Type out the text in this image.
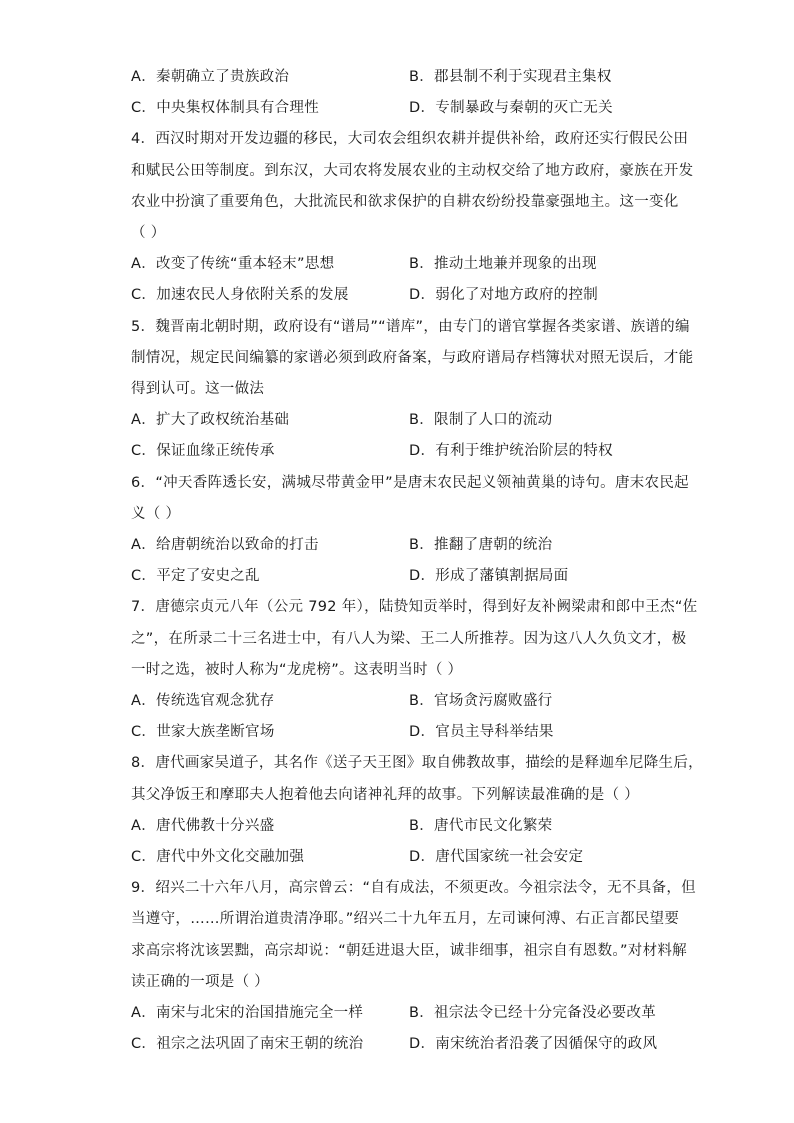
A．秦朝确立了贵族政治	B．郡县制不利于实现君主集权
C．中央集权体制具有合理性	D．专制暴政与秦朝的灭亡无关
4．西汉时期对开发边疆的移民，大司农会组织农耕并提供补给，政府还实行假民公田
和赋民公田等制度。到东汉，大司农将发展农业的主动权交给了地方政府，豪族在开发
农业中扮演了重要角色，大批流民和欲求保护的自耕农纷纷投靠豪强地主。这一变化
（ ）
A．改变了传统“重本轻末”思想	B．推动土地兼并现象的出现
C．加速农民人身依附关系的发展	D．弱化了对地方政府的控制
5．魏晋南北朝时期，政府设有“谱局”“谱库”，由专门的谱官掌握各类家谱、族谱的编
制情况，规定民间编纂的家谱必须到政府备案，与政府谱局存档簿状对照无误后，才能
得到认可。这一做法
A．扩大了政权统治基础	B．限制了人口的流动
C．保证血缘正统传承	D．有利于维护统治阶层的特权
6．“冲天香阵透长安，满城尽带黄金甲”是唐末农民起义领袖黄巢的诗句。唐末农民起
义（ ）
A．给唐朝统治以致命的打击	B．推翻了唐朝的统治
C．平定了安史之乱	D．形成了藩镇割据局面
7．唐德宗贞元八年（公元 792 年），陆贽知贡举时，得到好友补阙梁肃和郎中王杰“佐
之”，在所录二十三名进士中，有八人为梁、王二人所推荐。因为这八人久负文才，极
一时之选，被时人称为“龙虎榜”。这表明当时（ ）
A．传统选官观念犹存	B．官场贪污腐败盛行
C．世家大族垄断官场	D．官员主导科举结果
8．唐代画家吴道子，其名作《送子天王图》取自佛教故事，描绘的是释迦牟尼降生后，
其父净饭王和摩耶夫人抱着他去向诸神礼拜的故事。下列解读最准确的是（ ）
A．唐代佛教十分兴盛	B．唐代市民文化繁荣
C．唐代中外文化交融加强	D．唐代国家统一社会安定
9．绍兴二十六年八月，高宗曾云：“自有成法，不须更改。今祖宗法令，无不具备，但
当遵守，……所谓治道贵清净耶。”绍兴二十九年五月，左司谏何溥、右正言都民望要
求高宗将沈该罢黜，高宗却说：“朝廷进退大臣，诚非细事，祖宗自有恩数。”对材料解
读正确的一项是（ ）
A．南宋与北宋的治国措施完全一样	B．祖宗法令已经十分完备没必要改革
C．祖宗之法巩固了南宋王朝的统治	D．南宋统治者沿袭了因循保守的政风
